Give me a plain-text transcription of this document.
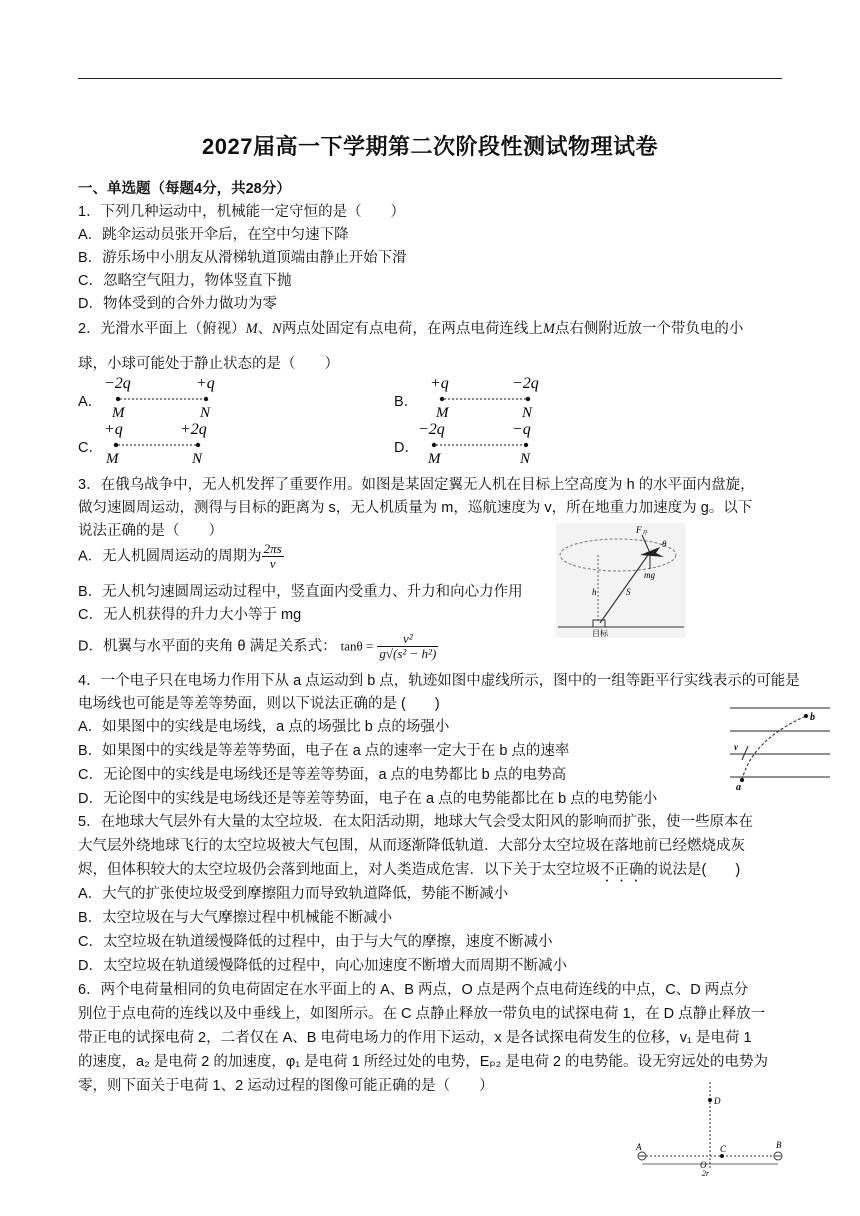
2027届高一下学期第二次阶段性测试物理试卷
一、单选题（每题4分，共28分）
1．下列几种运动中，机械能一定守恒的是（　　）
A．跳伞运动员张开伞后，在空中匀速下降
B．游乐场中小朋友从滑梯轨道顶端由静止开始下滑
C．忽略空气阻力，物体竖直下抛
D．物体受到的合外力做功为零
2．光滑水平面上（俯视）M、N两点处固定有点电荷，在两点电荷连线上M点右侧附近放一个带负电的小
球，小球可能处于静止状态的是（　　）
A．
−2q	+q
M	N
B．
+q	−2q
M	N
C．
+q	+2q
M	N
D．
−2q	−q
M	N
3．在俄乌战争中，无人机发挥了重要作用。如图是某固定翼无人机在目标上空高度为 h 的水平面内盘旋，
做匀速圆周运动，测得与目标的距离为 s，无人机质量为 m，巡航速度为 v，所在地重力加速度为 g。以下
说法正确的是（　　）
A．无人机圆周运动的周期为 $\frac{2\pi s}{v}$
B．无人机匀速圆周运动过程中，竖直面内受重力、升力和向心力作用
C．无人机获得的升力大小等于 mg
D．机翼与水平面的夹角 θ 满足关系式： $\tan\theta = \frac{\text{v²}}{\text{g√(s² − h²)}}$
$F_升$
θ
mg
h	S
目标
4．一个电子只在电场力作用下从 a 点运动到 b 点，轨迹如图中虚线所示，图中的一组等距平行实线表示的可能是
电场线也可能是等差等势面，则以下说法正确的是 (　　)
A．如果图中的实线是电场线，a 点的场强比 b 点的场强小
B．如果图中的实线是等差等势面，电子在 a 点的速率一定大于在 b 点的速率
C．无论图中的实线是电场线还是等差等势面，a 点的电势都比 b 点的电势高
D．无论图中的实线是电场线还是等差等势面，电子在 a 点的电势能都比在 b 点的电势能小
a
b
v
5．在地球大气层外有大量的太空垃圾．在太阳活动期，地球大气会受太阳风的影响而扩张，使一些原本在
大气层外绕地球飞行的太空垃圾被大气包围，从而逐渐降低轨道．大部分太空垃圾在落地前已经燃烧成灰
烬，但体积较大的太空垃圾仍会落到地面上，对人类造成危害．以下关于太空垃圾不正确的说法是(　　)
A．大气的扩张使垃圾受到摩擦阻力而导致轨道降低，势能不断减小
B．太空垃圾在与大气摩擦过程中机械能不断减小
C．太空垃圾在轨道缓慢降低的过程中，由于与大气的摩擦，速度不断减小
D．太空垃圾在轨道缓慢降低的过程中，向心加速度不断增大而周期不断减小
6．两个电荷量相同的负电荷固定在水平面上的 A、B 两点，O 点是两个点电荷连线的中点，C、D 两点分
别位于点电荷的连线以及中垂线上，如图所示。在 C 点静止释放一带负电的试探电荷 1，在 D 点静止释放一
带正电的试探电荷 2，二者仅在 A、B 电荷电场力的作用下运动，x 是各试探电荷发生的位移，v₁ 是电荷 1
的速度，a₂ 是电荷 2 的加速度，φ₁ 是电荷 1 所经过处的电势，Eₚ₂ 是电荷 2 的电势能。设无穷远处的电势为
零，则下面关于电荷 1、2 运动过程的图像可能正确的是（　　）
D
A	B
C
O
2r
